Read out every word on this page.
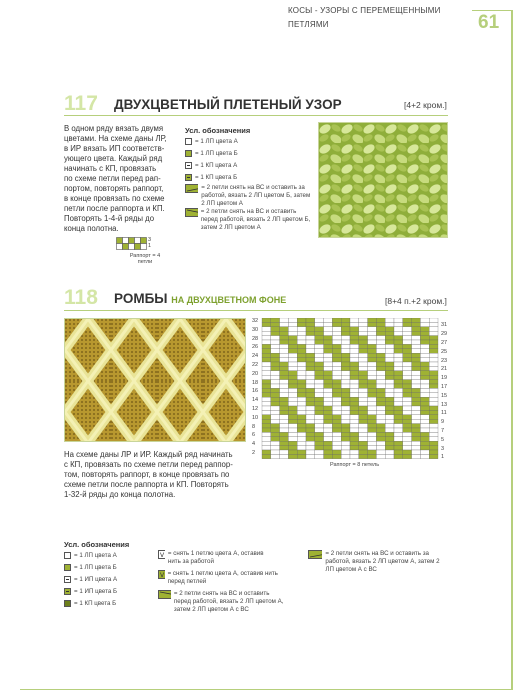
КОСЫ - УЗОРЫ С ПЕРЕМЕЩЕННЫМИ ПЕТЛЯМИ	61
117 ДВУХЦВЕТНЫЙ ПЛЕТЕНЫЙ УЗОР	[4+2 кром.]
В одном ряду вязать двумя
цветами. На схеме даны ЛР,
в ИР вязать ИП соответств-
ующего цвета. Каждый ряд
начинать с КП, провязать
по схеме петли перед рап-
портом, повторять раппорт,
в конце провязать по схеме
петли после раппорта и КП.
Повторять 1-4-й ряды до
конца полотна.
Усл. обозначения
= 1 ЛП цвета А
= 1 ЛП цвета Б
= 1 КП цвета А
= 1 КП цвета Б
= 2 петли снять на ВС и оставить за работой, вязать 2 ЛП цветом Б, затем 2 ЛП цветом А
= 2 петли снять на ВС и оставить перед работой, вязать 2 ЛП цветом Б, затем 2 ЛП цветом А
3
1
Раппорт = 4 петли
118 РОМБЫ НА ДВУХЦВЕТНОМ ФОНЕ	[8+4 п.+2 кром.]
32
30
28
26
24
22
20
18
16
14
12
10
8
6
4
2
31
29
27
25
23
21
19
17
15
13
11
9
7
5
3
1
Раппорт = 8 петель
На схеме даны ЛР и ИР. Каждый ряд начинать
с КП, провязать по схеме петли перед раппор-
том, повторять раппорт, в конце провязать по
схеме петли после раппорта и КП. Повторять
1-32-й ряды до конца полотна.
Усл. обозначения
= 1 ЛП цвета А
= 1 ЛП цвета Б
= 1 ИП цвета А
= 1 ИП цвета Б
= 1 КП цвета Б
V = снять 1 петлю цвета А, оставив нить за работой
V = снять 1 петлю цвета А, оставив нить перед петлей
= 2 петли снять на ВС и оставить перед работой, вязать 2 ЛП цветом А, затем 2 ЛП цветом А с ВС
= 2 петли снять на ВС и оставить за работой, вязать 2 ЛП цветом А, затем 2 ЛП цветом А с ВС
